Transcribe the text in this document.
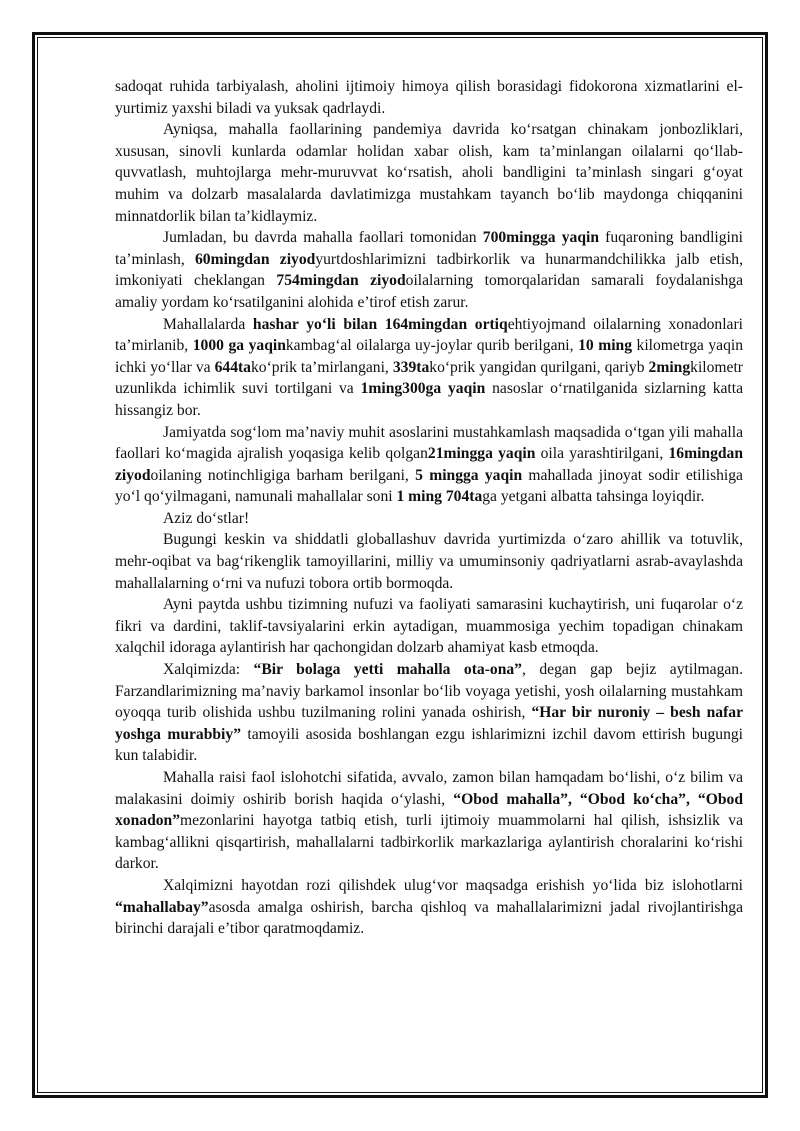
sadoqat ruhida tarbiyalash, aholini ijtimoiy himoya qilish borasidagi fidokorona xizmatlarini el-yurtimiz yaxshi biladi va yuksak qadrlaydi.

Ayniqsa, mahalla faollarining pandemiya davrida ko‘rsatgan chinakam jonbozliklari, xususan, sinovli kunlarda odamlar holidan xabar olish, kam ta’minlangan oilalarni qo‘llab-quvvatlash, muhtojlarga mehr-muruvvat ko‘rsatish, aholi bandligini ta’minlash singari g‘oyat muhim va dolzarb masalalarda davlatimizga mustahkam tayanch bo‘lib maydonga chiqqanini minnatdorlik bilan ta’kidlaymiz.

Jumladan, bu davrda mahalla faollari tomonidan 700mingga yaqin fuqaroning bandligini ta’minlash, 60mingdan ziyodyurtdoshlarimizni tadbirkorlik va hunarmandchilikka jalb etish, imkoniyati cheklangan 754mingdan ziyodoilalarning tomorqalaridan samarali foydalanishga amaliy yordam ko‘rsatilganini alohida e’tirof etish zarur.

Mahallalarda hashar yo‘li bilan 164mingdan ortiqehtiyojmand oilalarning xonadonlari ta’mirlanib, 1000 ga yaqinkambag‘al oilalarga uy-joylar qurib berilgani, 10 ming kilometrga yaqin ichki yo‘llar va 644tako‘prik ta’mirlangani, 339tako‘prik yangidan qurilgani, qariyb 2mingkilometr uzunlikda ichimlik suvi tortilgani va 1ming300ga yaqin nasoslar o‘rnatilganida sizlarning katta hissangiz bor.

Jamiyatda sog‘lom ma’naviy muhit asoslarini mustahkamlash maqsadida o‘tgan yili mahalla faollari ko‘magida ajralish yoqasiga kelib qolgan21mingga yaqin oila yarashtirilgani, 16mingdan ziyodoilaning notinchligiga barham berilgani, 5 mingga yaqin mahallada jinoyat sodir etilishiga yo‘l qo‘yilmagani, namunali mahallalar soni 1 ming 704taga yetgani albatta tahsinga loyiqdir.

Aziz do‘stlar!

Bugungi keskin va shiddatli globallashuv davrida yurtimizda o‘zaro ahillik va totuvlik, mehr-oqibat va bag‘rikenglik tamoyillarini, milliy va umuminsoniy qadriyatlarni asrab-avaylashda mahallalarning o‘rni va nufuzi tobora ortib bormoqda.

Ayni paytda ushbu tizimning nufuzi va faoliyati samarasini kuchaytirish, uni fuqarolar o‘z fikri va dardini, taklif-tavsiyalarini erkin aytadigan, muammosiga yechim topadigan chinakam xalqchil idoraga aylantirish har qachongidan dolzarb ahamiyat kasb etmoqda.

Xalqimizda: “Bir bolaga yetti mahalla ota-ona”, degan gap bejiz aytilmagan. Farzandlarimizning ma’naviy barkamol insonlar bo‘lib voyaga yetishi, yosh oilalarning mustahkam oyoqqa turib olishida ushbu tuzilmaning rolini yanada oshirish, “Har bir nuroniy – besh nafar yoshga murabbiy” tamoyili asosida boshlangan ezgu ishlarimizni izchil davom ettirish bugungi kun talabidir.

Mahalla raisi faol islohotchi sifatida, avvalo, zamon bilan hamqadam bo‘lishi, o‘z bilim va malakasini doimiy oshirib borish haqida o‘ylashi, “Obod mahalla”, “Obod ko‘cha”, “Obod xonadon”mezonlarini hayotga tatbiq etish, turli ijtimoiy muammolarni hal qilish, ishsizlik va kambag‘allikni qisqartirish, mahallalarni tadbirkorlik markazlariga aylantirish choralarini ko‘rishi darkor.

Xalqimizni hayotdan rozi qilishdek ulug‘vor maqsadga erishish yo‘lida biz islohotlarni “mahallabay”asosda amalga oshirish, barcha qishloq va mahallalarimizni jadal rivojlantirishga birinchi darajali e’tibor qaratmoqdamiz.
